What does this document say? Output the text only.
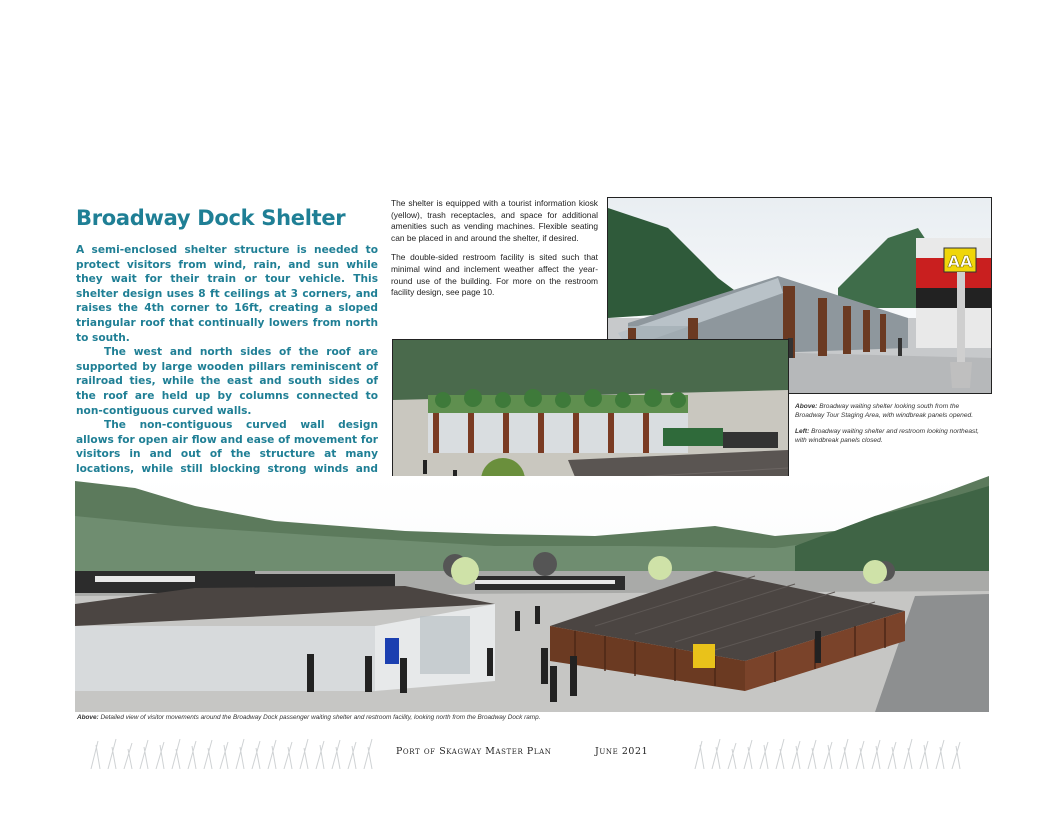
Broadway Dock Shelter

A semi-enclosed shelter structure is needed to protect visitors from wind, rain, and sun while they wait for their train or tour vehicle. This shelter design uses 8 ft ceilings at 3 corners, and raises the 4th corner to 16ft, creating a sloped triangular roof that continually lowers from north to south.

The west and north sides of the roof are supported by large wooden pillars reminiscent of railroad ties, while the east and south sides of the roof are held up by columns connected to non-contiguous curved walls.

The non-contiguous curved wall design allows for open air flow and ease of movement for visitors in and out of the structure at many locations, while still blocking strong winds and

The shelter is equipped with a tourist information kiosk (yellow), trash receptacles, and space for additional amenities such as vending machines. Flexible seating can be placed in and around the shelter, if desired.

The double-sided restroom facility is sited such that minimal wind and inclement weather affect the year-round use of the building. For more on the restroom facility design, see page 10.

AA

Above: Broadway waiting shelter looking south from the Broadway Tour Staging Area, with windbreak panels opened.

Left: Broadway waiting shelter and restroom looking northeast, with windbreak panels closed.

Above: Detailed view of visitor movements around the Broadway Dock passenger waiting shelter and restroom facility, looking north from the Broadway Dock ramp.
Port of Skagway Master Plan	June 2021
